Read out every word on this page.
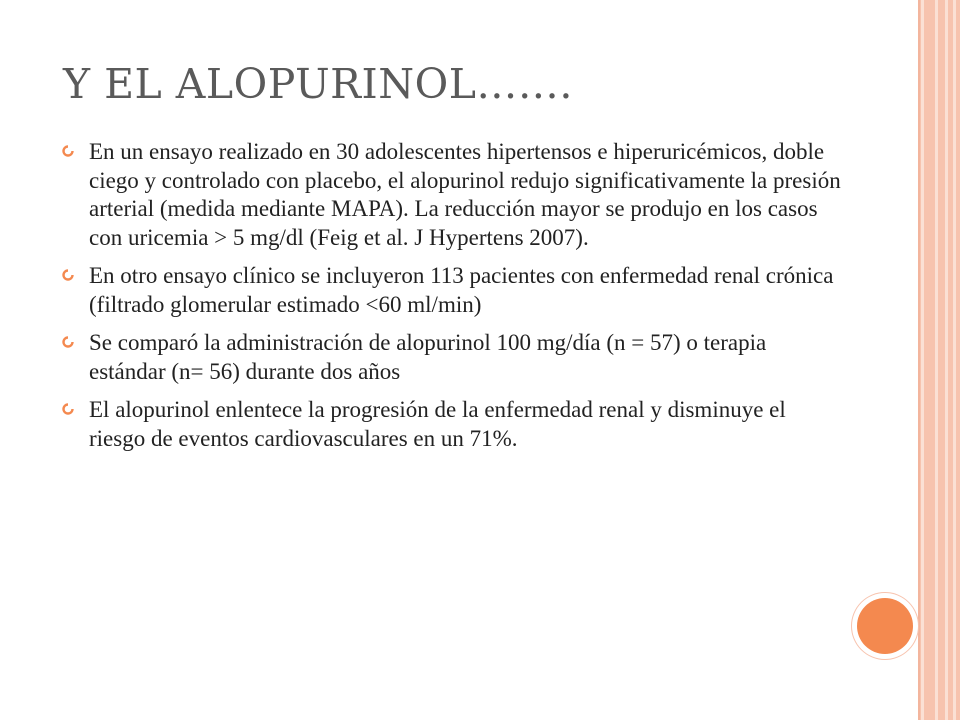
Y EL ALOPURINOL…….
En un ensayo realizado en 30 adolescentes hipertensos e hiperuricémicos, doble ciego y controlado con placebo, el alopurinol redujo significativamente la presión arterial (medida mediante MAPA). La reducción mayor se produjo en los casos con uricemia > 5 mg/dl (Feig et al. J Hypertens 2007).
En otro ensayo clínico se incluyeron 113 pacientes con enfermedad renal crónica (filtrado glomerular estimado <60 ml/min)
Se comparó la administración de alopurinol 100 mg/día (n = 57) o terapia estándar (n= 56) durante dos años
El alopurinol enlentece la progresión de la enfermedad renal y disminuye el riesgo de eventos cardiovasculares en un 71%.
